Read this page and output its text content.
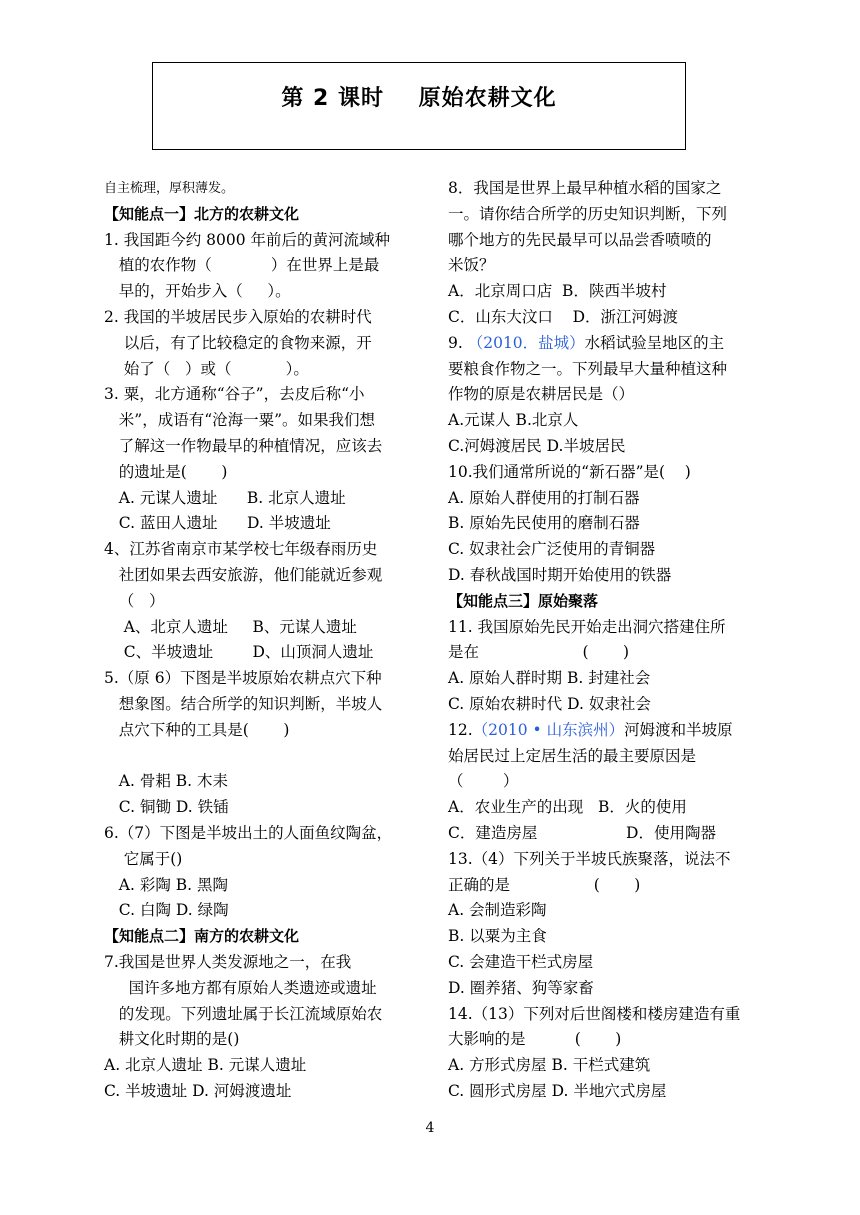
第 2 课时    原始农耕文化
自主梳理，厚积薄发。
【知能点一】北方的农耕文化
1. 我国距今约 8000 年前后的黄河流域种
植的农作物（            ）在世界上是最
早的，开始步入（     ）。
2. 我国的半坡居民步入原始的农耕时代
以后，有了比较稳定的食物来源，开
始了（   ）或（           ）。
3. 粟，北方通称“谷子”，去皮后称“小
米”，成语有“沧海一粟”。如果我们想
了解这一作物最早的种植情况，应该去
的遗址是(       )
A. 元谋人遗址      B. 北京人遗址
C. 蓝田人遗址      D. 半坡遗址
4、江苏省南京市某学校七年级春雨历史
社团如果去西安旅游，他们能就近参观
（   ）
A、北京人遗址     B、元谋人遗址
C、半坡遗址        D、山顶洞人遗址
5.（原 6）下图是半坡原始农耕点穴下种
想象图。结合所学的知识判断，半坡人
点穴下种的工具是(       )
A. 骨耜 B. 木耒
C. 铜锄 D. 铁锸
6.（7）下图是半坡出土的人面鱼纹陶盆，
它属于()
A. 彩陶 B. 黑陶
C. 白陶 D. 绿陶
【知能点二】南方的农耕文化
7.我国是世界人类发源地之一，在我
国许多地方都有原始人类遗迹或遗址
的发现。下列遗址属于长江流域原始农
耕文化时期的是()
A. 北京人遗址 B. 元谋人遗址
C. 半坡遗址 D. 河姆渡遗址
8．我国是世界上最早种植水稻的国家之
一。请你结合所学的历史知识判断，下列
哪个地方的先民最早可以品尝香喷喷的
米饭？
A．北京周口店  B．陕西半坡村
C．山东大汶口    D．浙江河姆渡
9. （2010．盐城）水稻试验呈地区的主
要粮食作物之一。下列最早大量种植这种
作物的原是农耕居民是（）
A.元谋人 B.北京人
C.河姆渡居民 D.半坡居民
10.我们通常所说的“新石器”是(    )
A. 原始人群使用的打制石器
B. 原始先民使用的磨制石器
C. 奴隶社会广泛使用的青铜器
D. 春秋战国时期开始使用的铁器
【知能点三】原始聚落
11. 我国原始先民开始走出洞穴搭建住所
是在                     (       )
A. 原始人群时期 B. 封建社会
C. 原始农耕时代 D. 奴隶社会
12.（2010 • 山东滨州）河姆渡和半坡原
始居民过上定居生活的最主要原因是
（        ）
A．农业生产的出现   B．火的使用
C．建造房屋                  D．使用陶器
13.（4）下列关于半坡氏族聚落，说法不
正确的是                 (       )
A. 会制造彩陶
B. 以粟为主食
C. 会建造干栏式房屋
D. 圈养猪、狗等家畜
14.（13）下列对后世阁楼和楼房建造有重
大影响的是          (       )
A. 方形式房屋 B. 干栏式建筑
C. 圆形式房屋 D. 半地穴式房屋
4
